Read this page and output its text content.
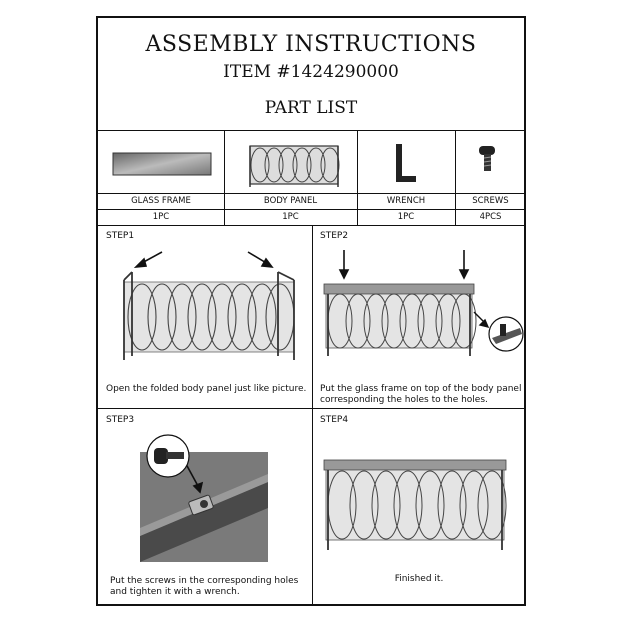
ASSEMBLY INSTRUCTIONS
ITEM #1424290000
PART LIST
GLASS FRAME	BODY PANEL	WRENCH	SCREWS
1PC	1PC	1PC	4PCS
STEP1
Open the folded body panel just like picture.
STEP2
Put the glass frame on top of the body panel
corresponding the holes to the holes.
STEP3
Put the screws in the corresponding holes
and tighten it with a wrench.
STEP4
Finished it.
